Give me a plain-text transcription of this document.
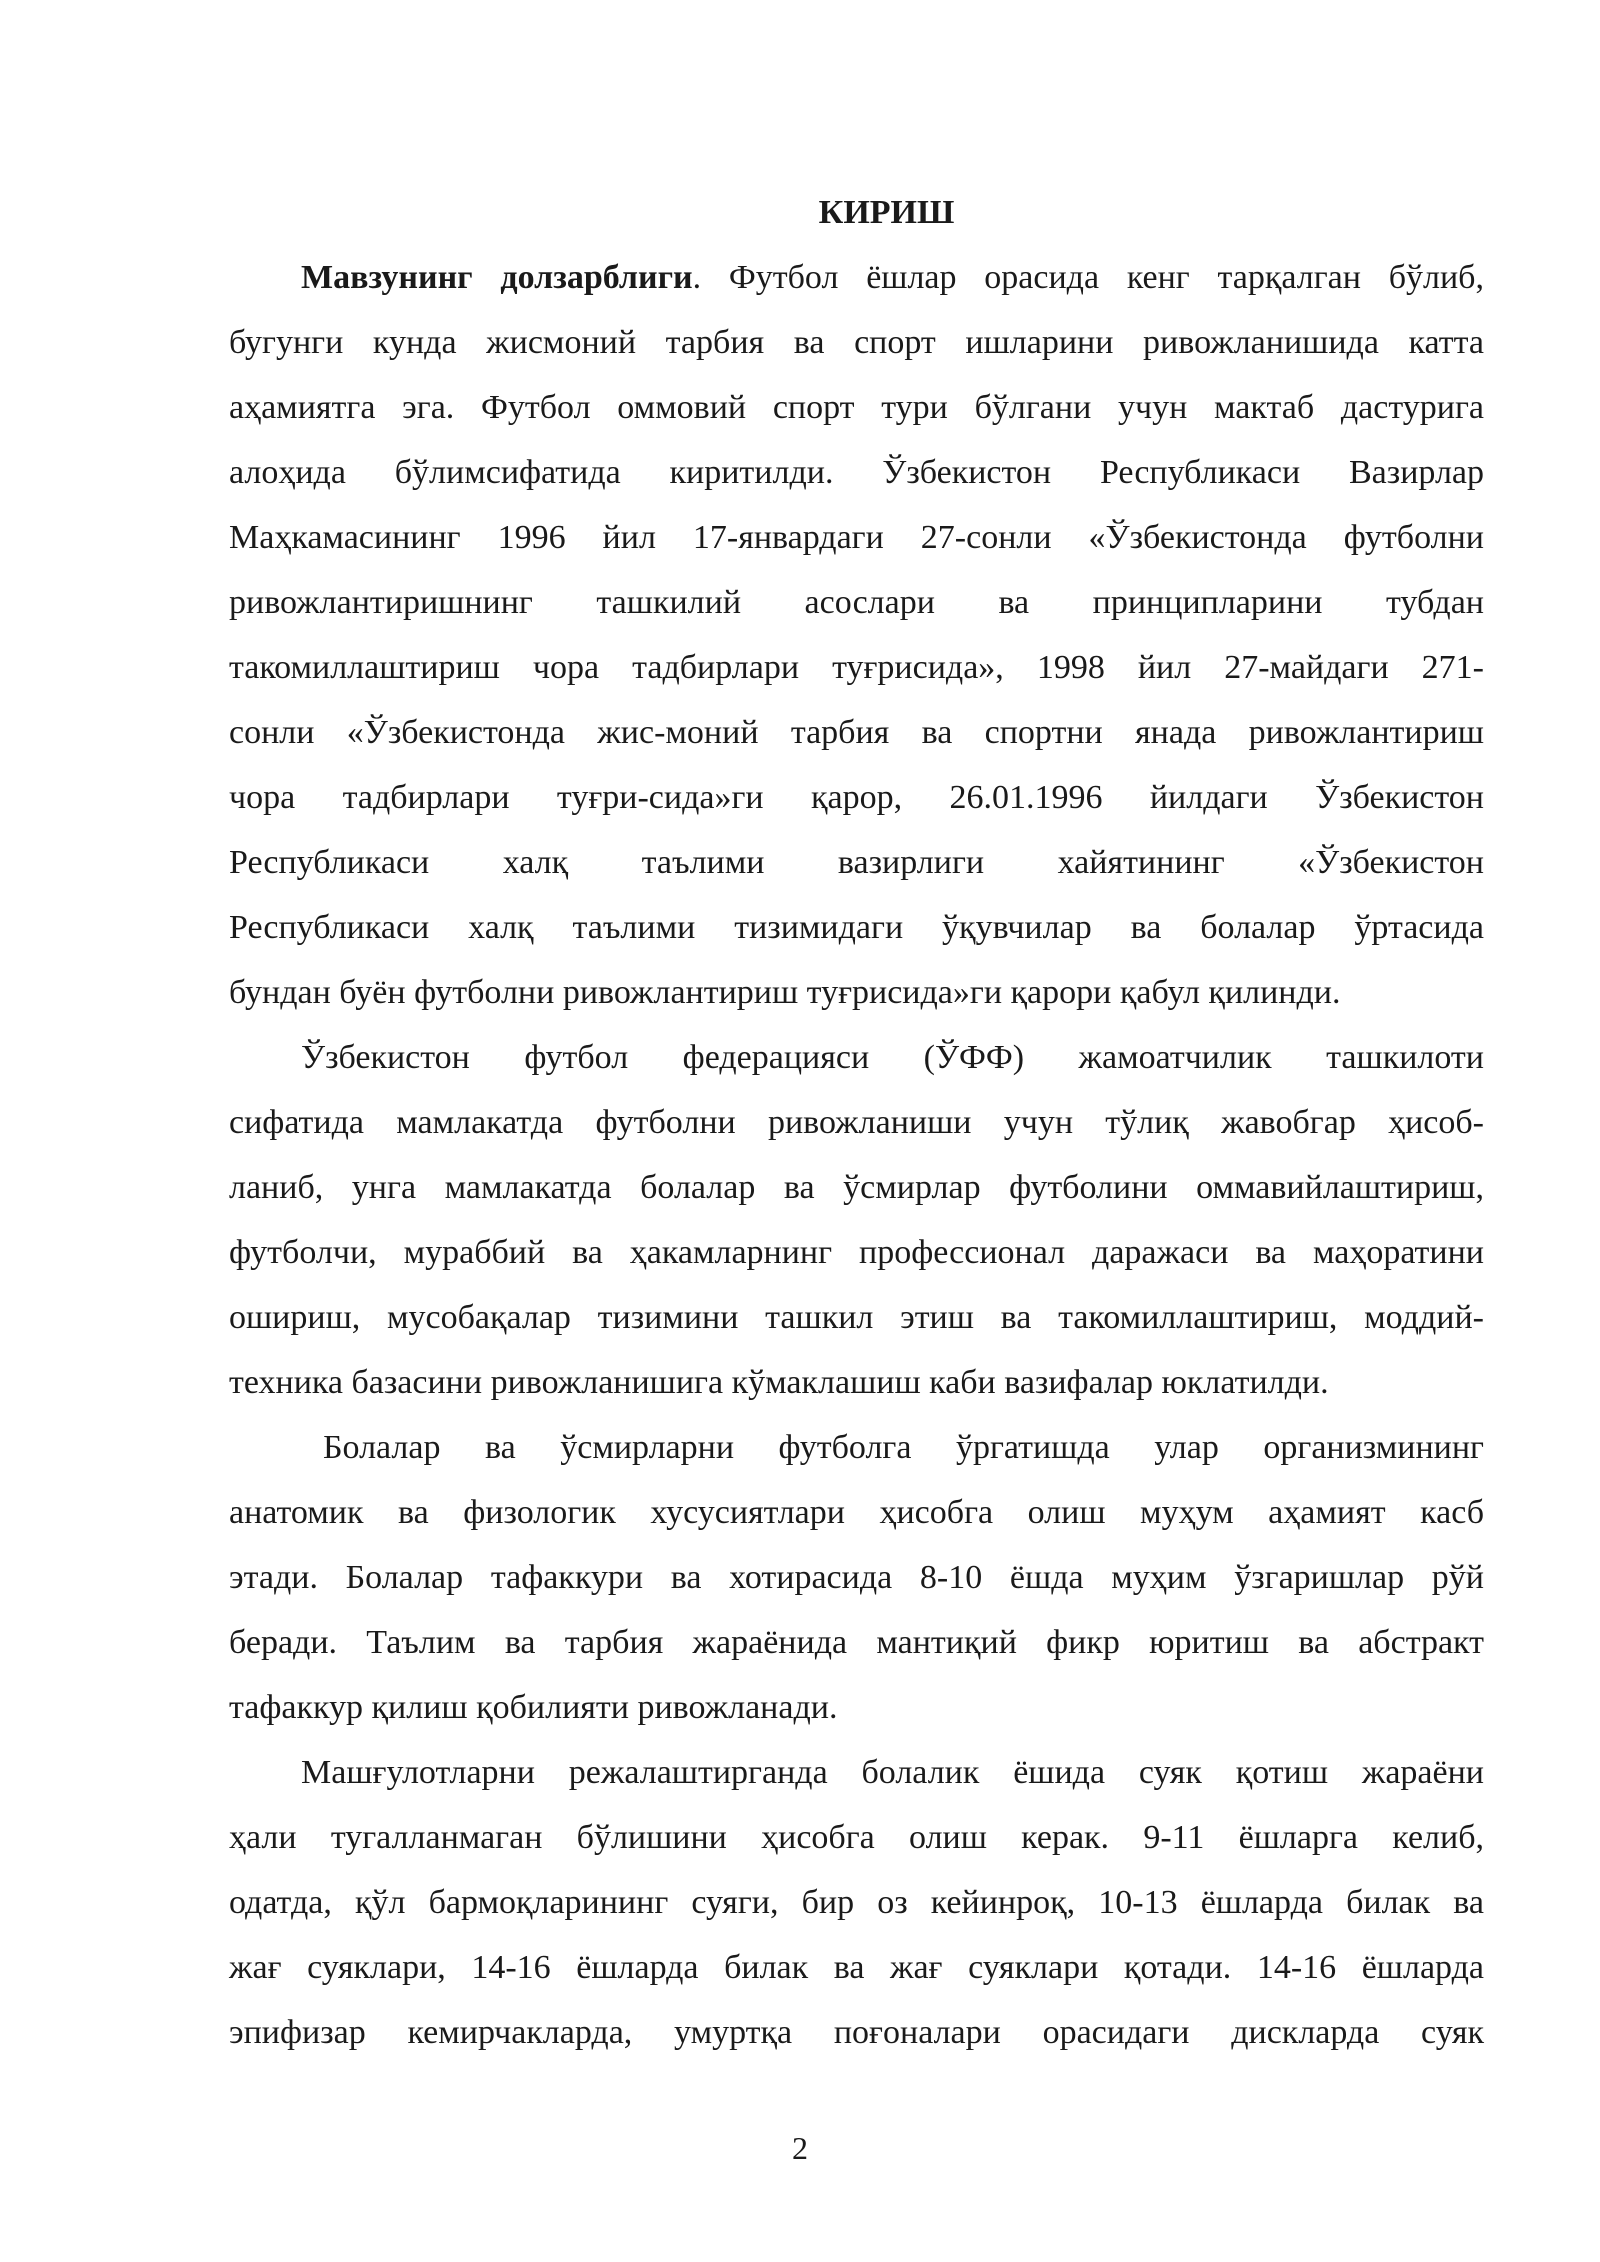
КИРИШ
Мавзунинг долзарблиги. Футбол ёшлар орасида кенг тарқалган бўлиб,
бугунги кунда жисмоний тарбия ва спорт ишларини ривожланишида катта
аҳамиятга эга. Футбол оммовий спорт тури бўлгани учун мактаб дастурига
алоҳида бўлимсифатида киритилди. Ўзбекистон Республикаси Вазирлар
Маҳкамасининг 1996 йил 17-январдаги 27-сонли «Ўзбекистонда футболни
ривожлантиришнинг ташкилий асослари ва принципларини тубдан
такомиллаштириш чора тадбирлари туғрисида», 1998 йил 27-майдаги 271-
сонли «Ўзбекистонда жис-моний тарбия ва спортни янада ривожлантириш
чора тадбирлари туғри-сида»ги қарор, 26.01.1996 йилдаги Ўзбекистон
Республикаси халқ таълими вазирлиги хайятининг «Ўзбекистон
Республикаси халқ таълими тизимидаги ўқувчилар ва болалар ўртасида
бундан буён футболни ривожлантириш туғрисида»ги қарори қабул қилинди.
Ўзбекистон футбол федерацияси (ЎФФ) жамоатчилик ташкилоти
сифатида мамлакатда футболни ривожланиши учун тўлиқ жавобгар ҳисоб-
ланиб, унга мамлакатда болалар ва ўсмирлар футболини оммавийлаштириш,
футболчи, мураббий ва ҳакамларнинг профессионал даражаси ва маҳоратини
ошириш, мусобақалар тизимини ташкил этиш ва такомиллаштириш, моддий-
техника базасини ривожланишига кўмаклашиш каби вазифалар юклатилди.
Болалар ва ўсмирларни футболга ўргатишда улар организмининг
анатомик ва физологик хусусиятлари ҳисобга олиш муҳум аҳамият касб
этади. Болалар тафаккури ва хотирасида 8-10 ёшда муҳим ўзгаришлар рўй
беради. Таълим ва тарбия жараёнида мантиқий фикр юритиш ва абстракт
тафаккур қилиш қобилияти ривожланади.
Машғулотларни режалаштирганда болалик ёшида суяк қотиш жараёни
ҳали тугалланмаган бўлишини ҳисобга олиш керак. 9-11 ёшларга келиб,
одатда, қўл бармоқларининг суяги, бир оз кейинроқ, 10-13 ёшларда билак ва
жағ суяклари, 14-16 ёшларда билак ва жағ суяклари қотади. 14-16 ёшларда
эпифизар кемирчакларда, умуртқа поғоналари орасидаги дискларда суяк
2
